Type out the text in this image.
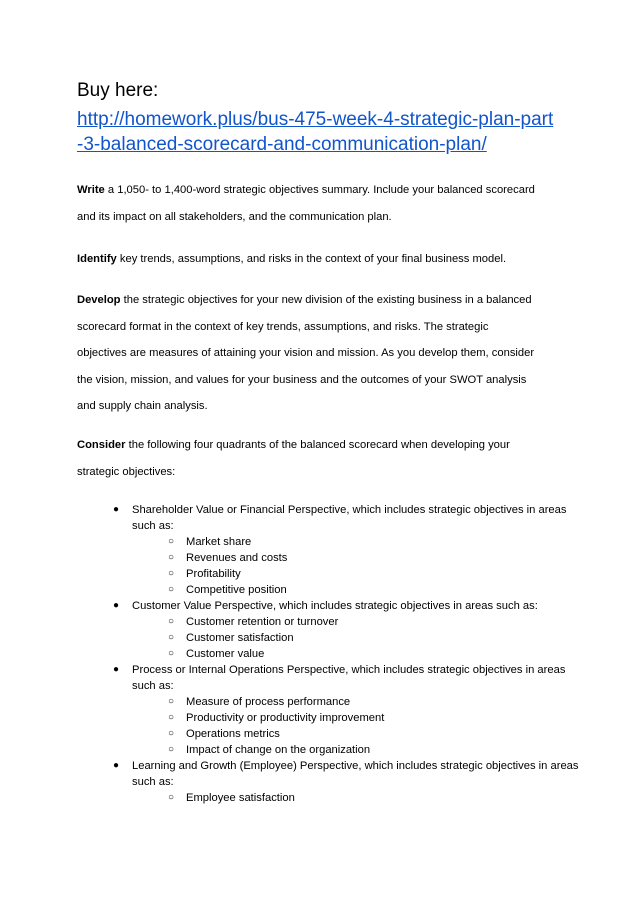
Buy here:
http://homework.plus/bus-475-week-4-strategic-plan-part
-3-balanced-scorecard-and-communication-plan/
Write a 1,050- to 1,400-word strategic objectives summary. Include your balanced scorecard
and its impact on all stakeholders, and the communication plan.
Identify key trends, assumptions, and risks in the context of your final business model.
Develop the strategic objectives for your new division of the existing business in a balanced
scorecard format in the context of key trends, assumptions, and risks. The strategic
objectives are measures of attaining your vision and mission. As you develop them, consider
the vision, mission, and values for your business and the outcomes of your SWOT analysis
and supply chain analysis.
Consider the following four quadrants of the balanced scorecard when developing your
strategic objectives:
● Shareholder Value or Financial Perspective, which includes strategic objectives in areas such as:
○ Market share
○ Revenues and costs
○ Profitability
○ Competitive position
● Customer Value Perspective, which includes strategic objectives in areas such as:
○ Customer retention or turnover
○ Customer satisfaction
○ Customer value
● Process or Internal Operations Perspective, which includes strategic objectives in areas such as:
○ Measure of process performance
○ Productivity or productivity improvement
○ Operations metrics
○ Impact of change on the organization
● Learning and Growth (Employee) Perspective, which includes strategic objectives in areas such as:
○ Employee satisfaction
